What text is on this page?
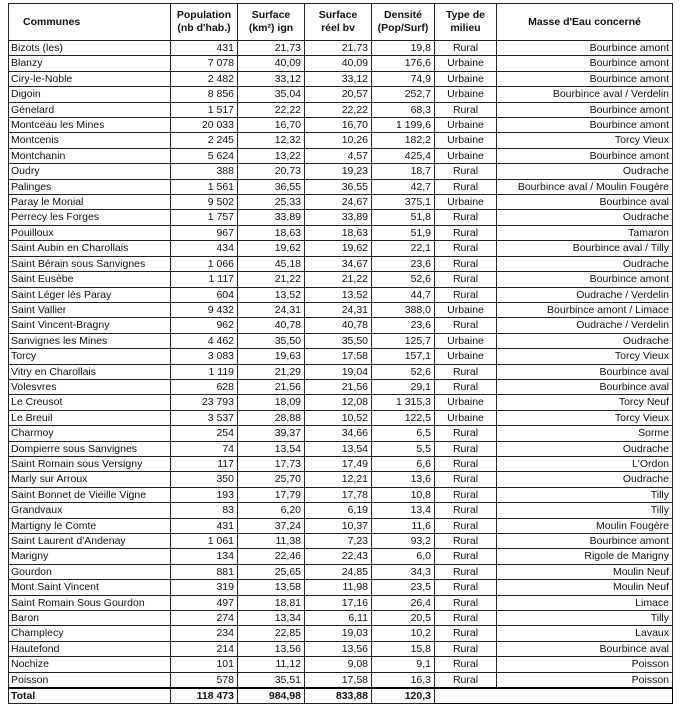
Communes	Population (nb d'hab.)	Surface (km²) ign	Surface réel bv	Densité (Pop/Surf)	Type de milieu	Masse d'Eau concerné
Bizots (les)	431	21,73	21,73	19,8	Rural	Bourbince amont
Blanzy	7 078	40,09	40,09	176,6	Urbaine	Bourbince amont
Ciry-le-Noble	2 482	33,12	33,12	74,9	Urbaine	Bourbince amont
Digoin	8 856	35,04	20,57	252,7	Urbaine	Bourbince aval / Verdelin
Génelard	1 517	22,22	22,22	68,3	Rural	Bourbince amont
Montceau les Mines	20 033	16,70	16,70	1 199,6	Urbaine	Bourbince amont
Montcenis	2 245	12,32	10,26	182,2	Urbaine	Torcy Vieux
Montchanin	5 624	13,22	4,57	425,4	Urbaine	Bourbince amont
Oudry	388	20,73	19,23	18,7	Rural	Oudrache
Palinges	1 561	36,55	36,55	42,7	Rural	Bourbince aval / Moulin Fougère
Paray le Monial	9 502	25,33	24,67	375,1	Urbaine	Bourbince aval
Perrecy les Forges	1 757	33,89	33,89	51,8	Rural	Oudrache
Pouilloux	967	18,63	18,63	51,9	Rural	Tamaron
Saint Aubin en Charollais	434	19,62	19,62	22,1	Rural	Bourbince aval / Tilly
Saint Bérain sous Sanvignes	1 066	45,18	34,67	23,6	Rural	Oudrache
Saint Eusèbe	1 117	21,22	21,22	52,6	Rural	Bourbince amont
Saint Léger lès Paray	604	13,52	13,52	44,7	Rural	Oudrache / Verdelin
Saint Vallier	9 432	24,31	24,31	388,0	Urbaine	Bourbince amont / Limace
Saint Vincent-Bragny	962	40,78	40,78	23,6	Rural	Oudrache / Verdelin
Sanvignes les Mines	4 462	35,50	35,50	125,7	Urbaine	Oudrache
Torcy	3 083	19,63	17,58	157,1	Urbaine	Torcy Vieux
Vitry en Charollais	1 119	21,29	19,04	52,6	Rural	Bourbince aval
Volesvres	628	21,56	21,56	29,1	Rural	Bourbince aval
Le Creusot	23 793	18,09	12,08	1 315,3	Urbaine	Torcy Neuf
Le Breuil	3 537	28,88	10,52	122,5	Urbaine	Torcy Vieux
Charmoy	254	39,37	34,66	6,5	Rural	Sorme
Dompierre sous Sanvignes	74	13,54	13,54	5,5	Rural	Oudrache
Saint Romain sous Versigny	117	17,73	17,49	6,6	Rural	L'Ordon
Marly sur Arroux	350	25,70	12,21	13,6	Rural	Oudrache
Saint Bonnet de Vieille Vigne	193	17,79	17,78	10,8	Rural	Tilly
Grandvaux	83	6,20	6,19	13,4	Rural	Tilly
Martigny le Comte	431	37,24	10,37	11,6	Rural	Moulin Fougère
Saint Laurent d'Andenay	1 061	11,38	7,23	93,2	Rural	Bourbince amont
Marigny	134	22,46	22,43	6,0	Rural	Rigole de Marigny
Gourdon	881	25,65	24,85	34,3	Rural	Moulin Neuf
Mont Saint Vincent	319	13,58	11,98	23,5	Rural	Moulin Neuf
Saint Romain Sous Gourdon	497	18,81	17,16	26,4	Rural	Limace
Baron	274	13,34	6,11	20,5	Rural	Tilly
Champlecy	234	22,85	19,03	10,2	Rural	Lavaux
Hautefond	214	13,56	13,56	15,8	Rural	Bourbince aval
Nochize	101	11,12	9,08	9,1	Rural	Poisson
Poisson	578	35,51	17,58	16,3	Rural	Poisson
Total	118 473	984,98	833,88	120,3		
